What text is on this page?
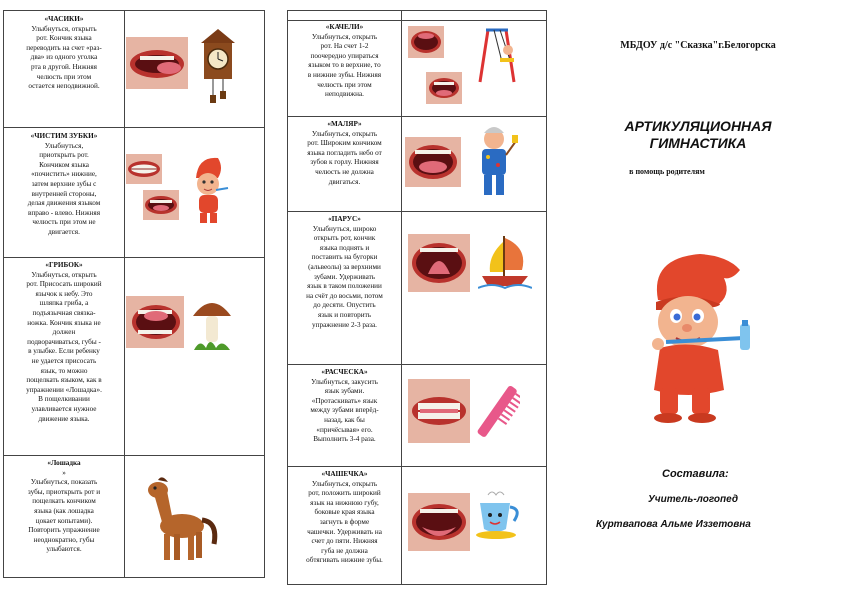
«ЧАСИКИ»
Улыбнуться, открыть
рот. Кончик языка
переводить на счет «раз-
два» из одного уголка
рта в другой. Нижняя
челюсть при этом
остается неподвижной.
«ЧИСТИМ ЗУБКИ»
Улыбнуться,
приоткрыть рот.
Кончиком языка
«почистить» нижние,
затем верхние зубы с
внутренней стороны,
делая движения языком
вправо - влево. Нижняя
челюсть при этом не
двигается.
«ГРИБОК»
Улыбнуться, открыть
рот. Присосать широкий
язычок к небу. Это
шляпка гриба, а
подъязычная связка-
ножка. Кончик языка не
должен
подворачиваться, губы -
в улыбке. Если ребенку
не удается присосать
язык, то можно
пощелкать языком, как в
упражнении «Лошадка».
В пощелкивании
улавливается нужное
движение языка.
«Лошадка
»
Улыбнуться, показать
зубы, приоткрыть рот и
пощелкать кончиком
языка (как лошадка
цокает копытами).
Повторить упражнение
неоднократно, губы
улыбаются.
«КАЧЕЛИ»
Улыбнуться, открыть
рот. На счет 1-2
поочередно упираться
языком то в верхние, то
в нижние зубы. Нижняя
челюсть при этом
неподвижна.
«МАЛЯР»
Улыбнуться, открыть
рот. Широким кончиком
языка погладить небо от
зубов к горлу. Нижняя
челюсть не должна
двигаться.
«ПАРУС»
Улыбнуться, широко
открыть рот, кончик
языка поднять и
поставить на бугорки
(альвеолы) за верхними
зубами. Удерживать
язык в таком положении
на счёт до восьми, потом
до десяти. Опустить
язык и повторить
упражнение 2-3 раза.
«РАСЧЕСКА»
Улыбнуться, закусить
язык зубами.
«Протаскивать» язык
между зубами вперёд-
назад, как бы
«причёсывая» его.
Выполнить 3-4 раза.
«ЧАШЕЧКА»
Улыбнуться, открыть
рот, положить широкий
язык на нижнюю губу,
боковые края языка
загнуть в форме
чашечки. Удерживать на
счет до пяти. Нижняя
губа не должна
обтягивать нижние зубы.
МБДОУ д/с "Сказка"г.Белогорска
АРТИКУЛЯЦИОННАЯ
ГИМНАСТИКА
в помощь родителям
Составила:
Учитель-логопед
Куртвапова Альме Иззетовна
